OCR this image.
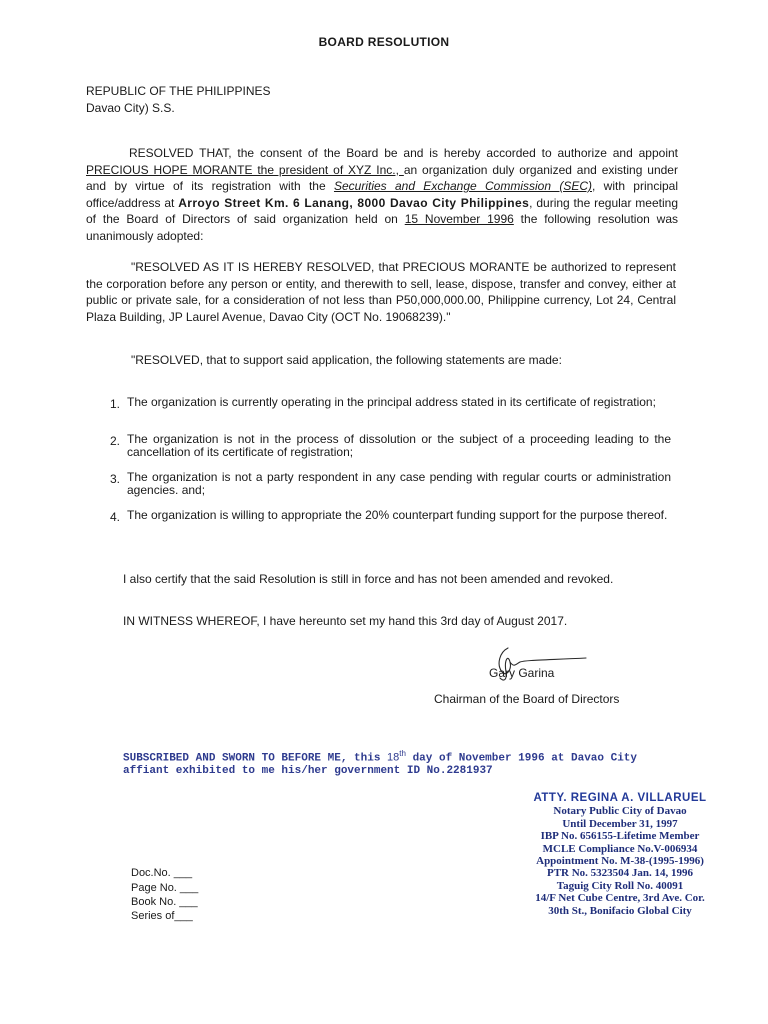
BOARD RESOLUTION
REPUBLIC OF THE PHILIPPINES
Davao City) S.S.
RESOLVED THAT, the consent of the Board be and is hereby accorded to authorize and appoint PRECIOUS HOPE MORANTE the president of XYZ Inc., an organization duly organized and existing under and by virtue of its registration with the Securities and Exchange Commission (SEC), with principal office/address at Arroyo Street Km. 6 Lanang, 8000 Davao City Philippines, during the regular meeting of the Board of Directors of said organization held on 15 November 1996 the following resolution was unanimously adopted:
"RESOLVED AS IT IS HEREBY RESOLVED, that PRECIOUS MORANTE be authorized to represent the corporation before any person or entity, and therewith to sell, lease, dispose, transfer and convey, either at public or private sale, for a consideration of not less than P50,000,000.00, Philippine currency, Lot 24, Central Plaza Building, JP Laurel Avenue, Davao City (OCT No. 19068239)."
"RESOLVED, that to support said application, the following statements are made:
1. The organization is currently operating in the principal address stated in its certificate of registration;
2. The organization is not in the process of dissolution or the subject of a proceeding leading to the cancellation of its certificate of registration;
3. The organization is not a party respondent in any case pending with regular courts or administration agencies. and;
4. The organization is willing to appropriate the 20% counterpart funding support for the purpose thereof.
I also certify that the said Resolution is still in force and has not been amended and revoked.
IN WITNESS WHEREOF, I have hereunto set my hand this 3rd day of August 2017.
Gary Garina
Chairman of the Board of Directors
SUBSCRIBED AND SWORN TO BEFORE ME, this 18th day of November 1996 at Davao City
affiant exhibited to me his/her government ID No.2281937
ATTY. REGINA A. VILLARUEL
Notary Public City of Davao
Until December 31, 1997
IBP No. 656155-Lifetime Member
MCLE Compliance No.V-006934
Appointment No. M-38-(1995-1996)
PTR No. 5323504 Jan. 14, 1996
Taguig City Roll No. 40091
14/F Net Cube Centre, 3rd Ave. Cor.
30th St., Bonifacio Global City
Doc.No. ___
Page No. ___
Book No. ___
Series of___
